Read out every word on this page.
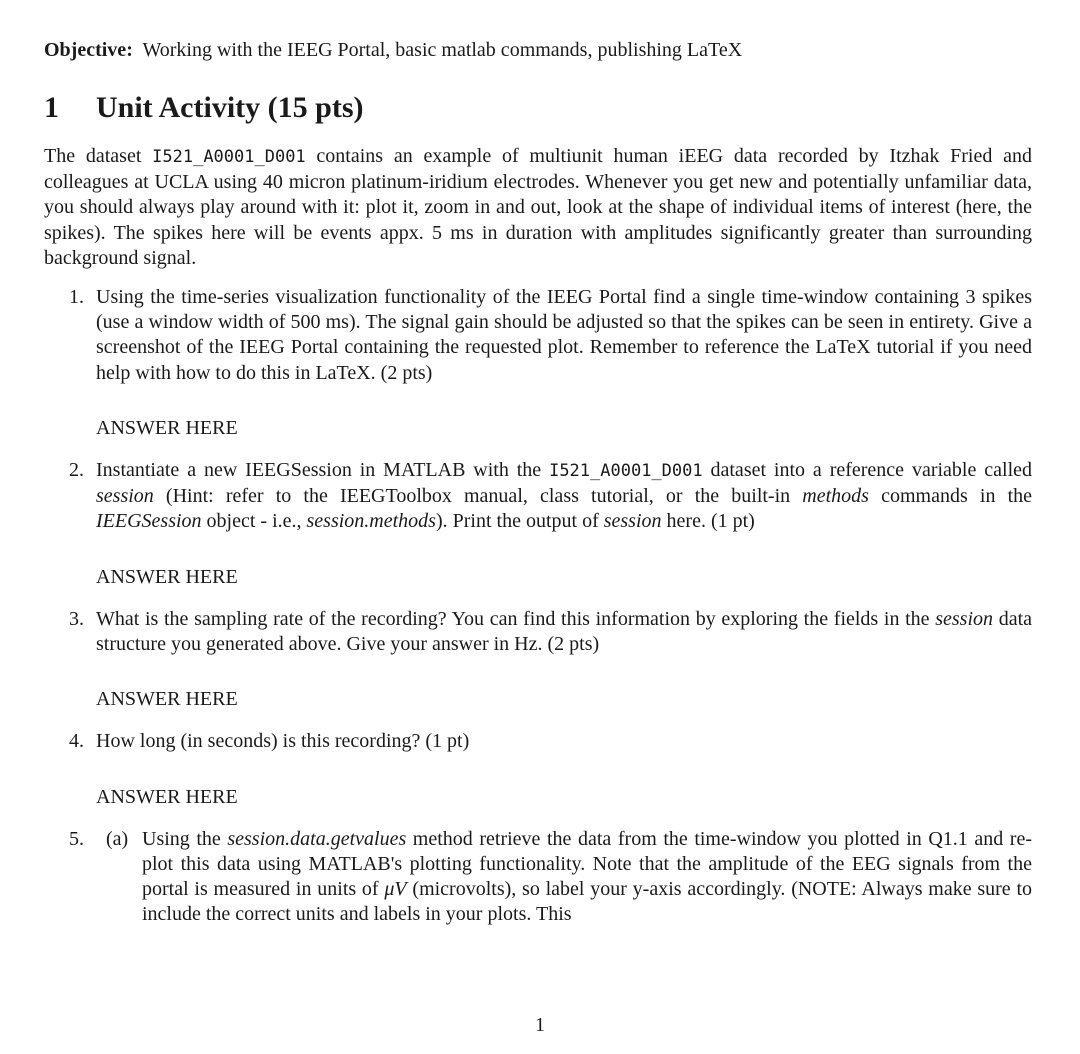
Objective: Working with the IEEG Portal, basic matlab commands, publishing LaTeX

1	Unit Activity (15 pts)

The dataset I521_A0001_D001 contains an example of multiunit human iEEG data recorded by Itzhak Fried and colleagues at UCLA using 40 micron platinum-iridium electrodes. Whenever you get new and potentially unfamiliar data, you should always play around with it: plot it, zoom in and out, look at the shape of individual items of interest (here, the spikes). The spikes here will be events appx. 5 ms in duration with amplitudes significantly greater than surrounding background signal.

1. Using the time-series visualization functionality of the IEEG Portal find a single time-window containing 3 spikes (use a window width of 500 ms). The signal gain should be adjusted so that the spikes can be seen in entirety. Give a screenshot of the IEEG Portal containing the requested plot. Remember to reference the LaTeX tutorial if you need help with how to do this in LaTeX. (2 pts)

ANSWER HERE

2. Instantiate a new IEEGSession in MATLAB with the I521_A0001_D001 dataset into a reference variable called session (Hint: refer to the IEEGToolbox manual, class tutorial, or the built-in methods commands in the IEEGSession object - i.e., session.methods). Print the output of session here. (1 pt)

ANSWER HERE

3. What is the sampling rate of the recording? You can find this information by exploring the fields in the session data structure you generated above. Give your answer in Hz. (2 pts)

ANSWER HERE

4. How long (in seconds) is this recording? (1 pt)

ANSWER HERE

5. (a) Using the session.data.getvalues method retrieve the data from the time-window you plotted in Q1.1 and re-plot this data using MATLAB's plotting functionality. Note that the amplitude of the EEG signals from the portal is measured in units of μV (microvolts), so label your y-axis accordingly. (NOTE: Always make sure to include the correct units and labels in your plots. This

1
